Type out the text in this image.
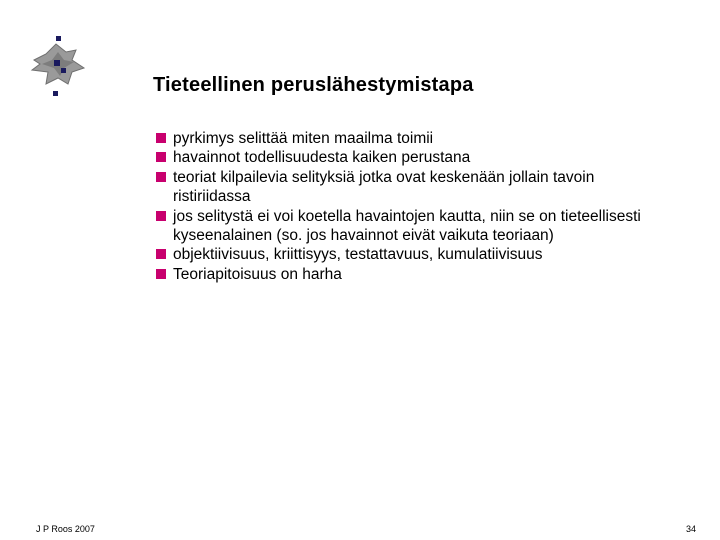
Tieteellinen peruslähestymistapa
pyrkimys selittää miten maailma toimii
havainnot todellisuudesta kaiken perustana
teoriat kilpailevia selityksiä jotka ovat keskenään jollain tavoin ristiriidassa
jos selitystä ei voi koetella havaintojen kautta, niin se on tieteellisesti kyseenalainen (so. jos havainnot eivät vaikuta teoriaan)
objektiivisuus, kriittisyys, testattavuus, kumulatiivisuus
Teoriapitoisuus on harha
J P Roos 2007	34
